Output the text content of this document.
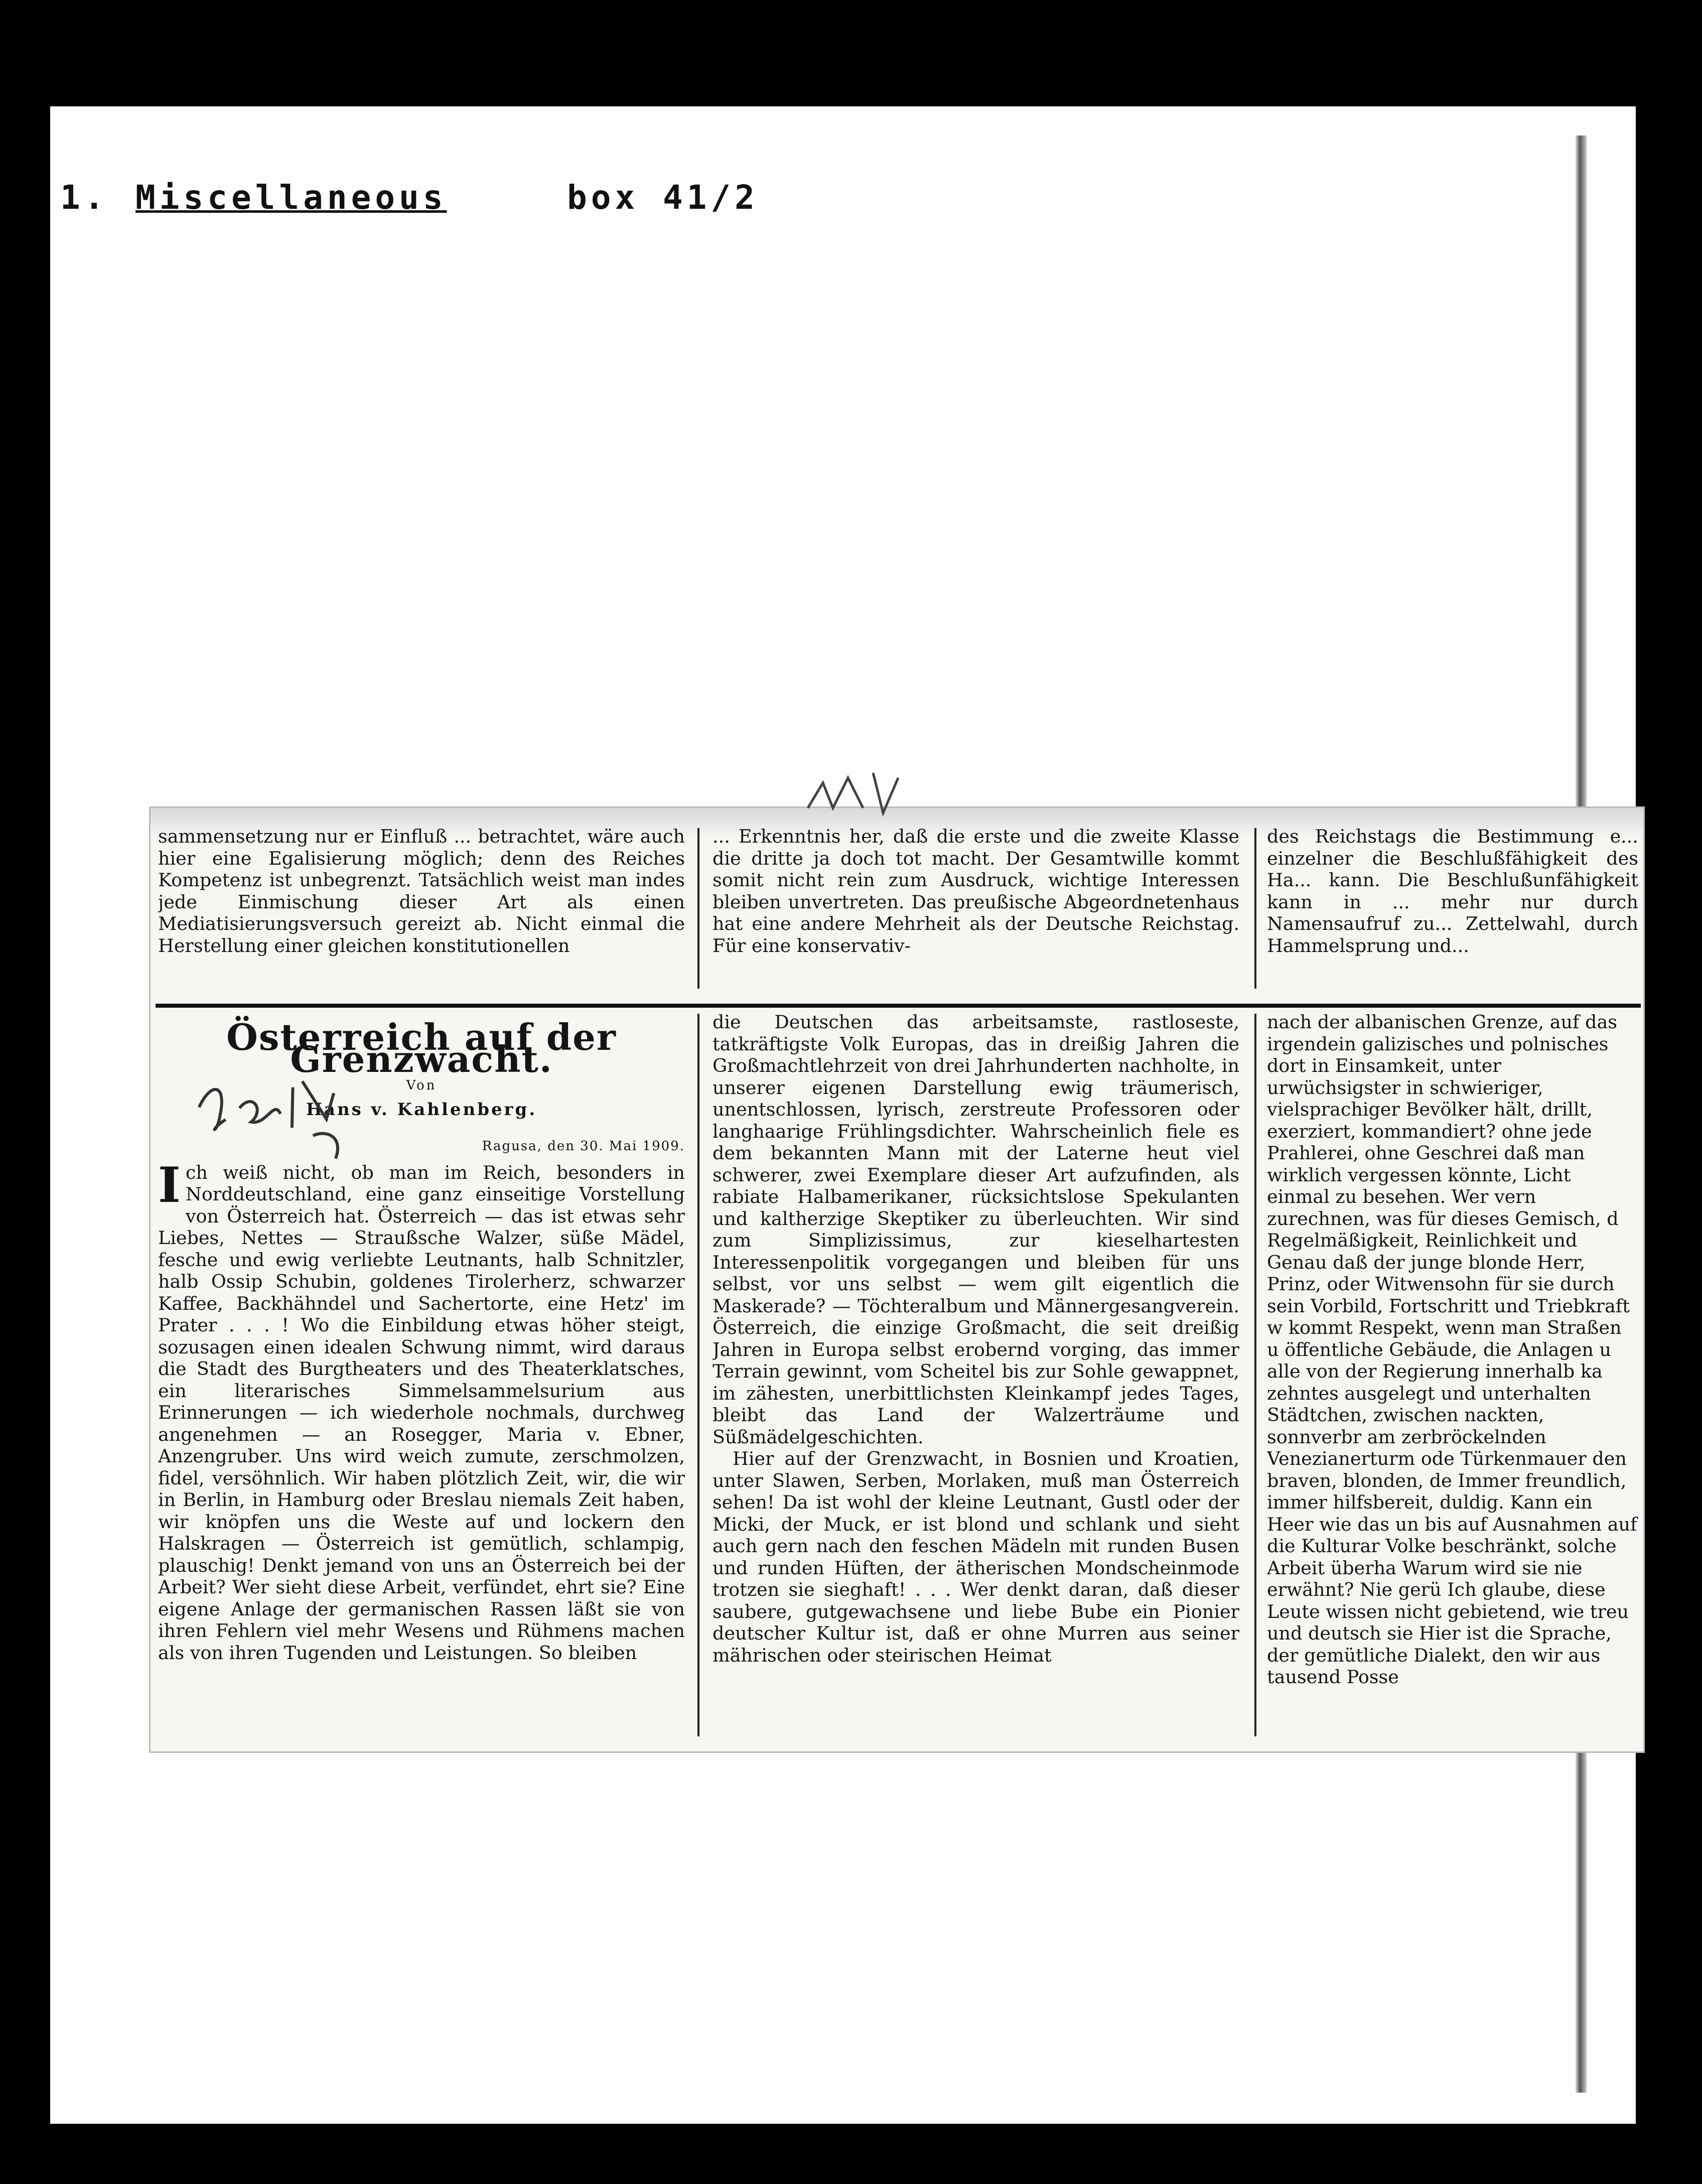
1. Miscellaneous	box 41/2
sammensetzung nur er Einfluß ... betrachtet, wäre auch hier eine Egalisierung möglich; denn des Reiches Kompetenz ist unbegrenzt. Tatsächlich weist man indes jede Einmischung dieser Art als einen Mediatisierungsversuch gereizt ab. Nicht einmal die Herstellung einer gleichen konstitutionellen
... Erkenntnis her, daß die erste und die zweite Klasse die dritte ja doch tot macht. Der Gesamtwille kommt somit nicht rein zum Ausdruck, wichtige Interessen bleiben unvertreten. Das preußische Abgeordnetenhaus hat eine andere Mehrheit als der Deutsche Reichstag. Für eine konservativ-
des Reichstags die Bestimmung e... einzelner die Beschlußfähigkeit des Ha... kann. Die Beschlußunfähigkeit kann in ... mehr nur durch Namensaufruf zu... Zettelwahl, durch Hammelsprung und...
Österreich auf der Grenzwacht.
Von
Hans v. Kahlenberg.
Ragusa, den 30. Mai 1909.

Ich weiß nicht, ob man im Reich, besonders in Norddeutschland, eine ganz einseitige Vorstellung von Österreich hat. Österreich — das ist etwas sehr Liebes, Nettes — Straußsche Walzer, süße Mädel, fesche und ewig verliebte Leutnants, halb Schnitzler, halb Ossip Schubin, goldenes Tirolerherz, schwarzer Kaffee, Backhähndel und Sachertorte, eine Hetz' im Prater . . . ! Wo die Einbildung etwas höher steigt, sozusagen einen idealen Schwung nimmt, wird daraus die Stadt des Burgtheaters und des Theaterklatsches, ein literarisches Simmelsammelsurium aus Erinnerungen — ich wiederhole nochmals, durchweg angenehmen — an Rosegger, Maria v. Ebner, Anzengruber. Uns wird weich zumute, zerschmolzen, fidel, versöhnlich. Wir haben plötzlich Zeit, wir, die wir in Berlin, in Hamburg oder Breslau niemals Zeit haben, wir knöpfen uns die Weste auf und lockern den Halskragen — Österreich ist gemütlich, schlampig, plauschig! Denkt jemand von uns an Österreich bei der Arbeit? Wer sieht diese Arbeit, verfündet, ehrt sie? Eine eigene Anlage der germanischen Rassen läßt sie von ihren Fehlern viel mehr Wesens und Rühmens machen als von ihren Tugenden und Leistungen. So bleiben

die Deutschen das arbeitsamste, rastloseste, tatkräftigste Volk Europas, das in dreißig Jahren die Großmachtlehrzeit von drei Jahrhunderten nachholte, in unserer eigenen Darstellung ewig träumerisch, unentschlossen, lyrisch, zerstreute Professoren oder langhaarige Frühlingsdichter. Wahrscheinlich fiele es dem bekannten Mann mit der Laterne heut viel schwerer, zwei Exemplare dieser Art aufzufinden, als rabiate Halbamerikaner, rücksichtslose Spekulanten und kaltherzige Skeptiker zu überleuchten. Wir sind zum Simplizissimus, zur kieselhartesten Interessenpolitik vorgegangen und bleiben für uns selbst, vor uns selbst — wem gilt eigentlich die Maskerade? — Töchteralbum und Männergesangverein. Österreich, die einzige Großmacht, die seit dreißig Jahren in Europa selbst erobernd vorging, das immer Terrain gewinnt, vom Scheitel bis zur Sohle gewappnet, im zähesten, unerbittlichsten Kleinkampf jedes Tages, bleibt das Land der Walzerträume und Süßmädelgeschichten.

Hier auf der Grenzwacht, in Bosnien und Kroatien, unter Slawen, Serben, Morlaken, muß man Österreich sehen! Da ist wohl der kleine Leutnant, Gustl oder der Micki, der Muck, er ist blond und schlank und sieht auch gern nach den feschen Mädeln mit runden Busen und runden Hüften, der ätherischen Mondscheinmode trotzen sie sieghaft! . . . Wer denkt daran, daß dieser saubere, gutgewachsene und liebe Bube ein Pionier deutscher Kultur ist, daß er ohne Murren aus seiner mährischen oder steirischen Heimat

nach der albanischen Grenze, auf das irgendein galizisches und polnisches dort in Einsamkeit, unter urwüchsigster in schwieriger, vielsprachiger Bevölker hält, drillt, exerziert, kommandiert? ohne jede Prahlerei, ohne Geschrei daß man wirklich vergessen könnte, Licht einmal zu besehen. Wer vern zurechnen, was für dieses Gemisch, d Regelmäßigkeit, Reinlichkeit und Genau daß der junge blonde Herr, Prinz, oder Witwensohn für sie durch sein Vorbild, Fortschritt und Triebkraft w kommt Respekt, wenn man Straßen u öffentliche Gebäude, die Anlagen u alle von der Regierung innerhalb ka zehntes ausgelegt und unterhalten Städtchen, zwischen nackten, sonnverbr am zerbröckelnden Venezianerturm ode Türkenmauer den braven, blonden, de Immer freundlich, immer hilfsbereit, duldig. Kann ein Heer wie das un bis auf Ausnahmen auf die Kulturar Volke beschränkt, solche Arbeit überha Warum wird sie nie erwähnt? Nie gerü Ich glaube, diese Leute wissen nicht gebietend, wie treu und deutsch sie Hier ist die Sprache, der gemütliche Dialekt, den wir aus tausend Posse
